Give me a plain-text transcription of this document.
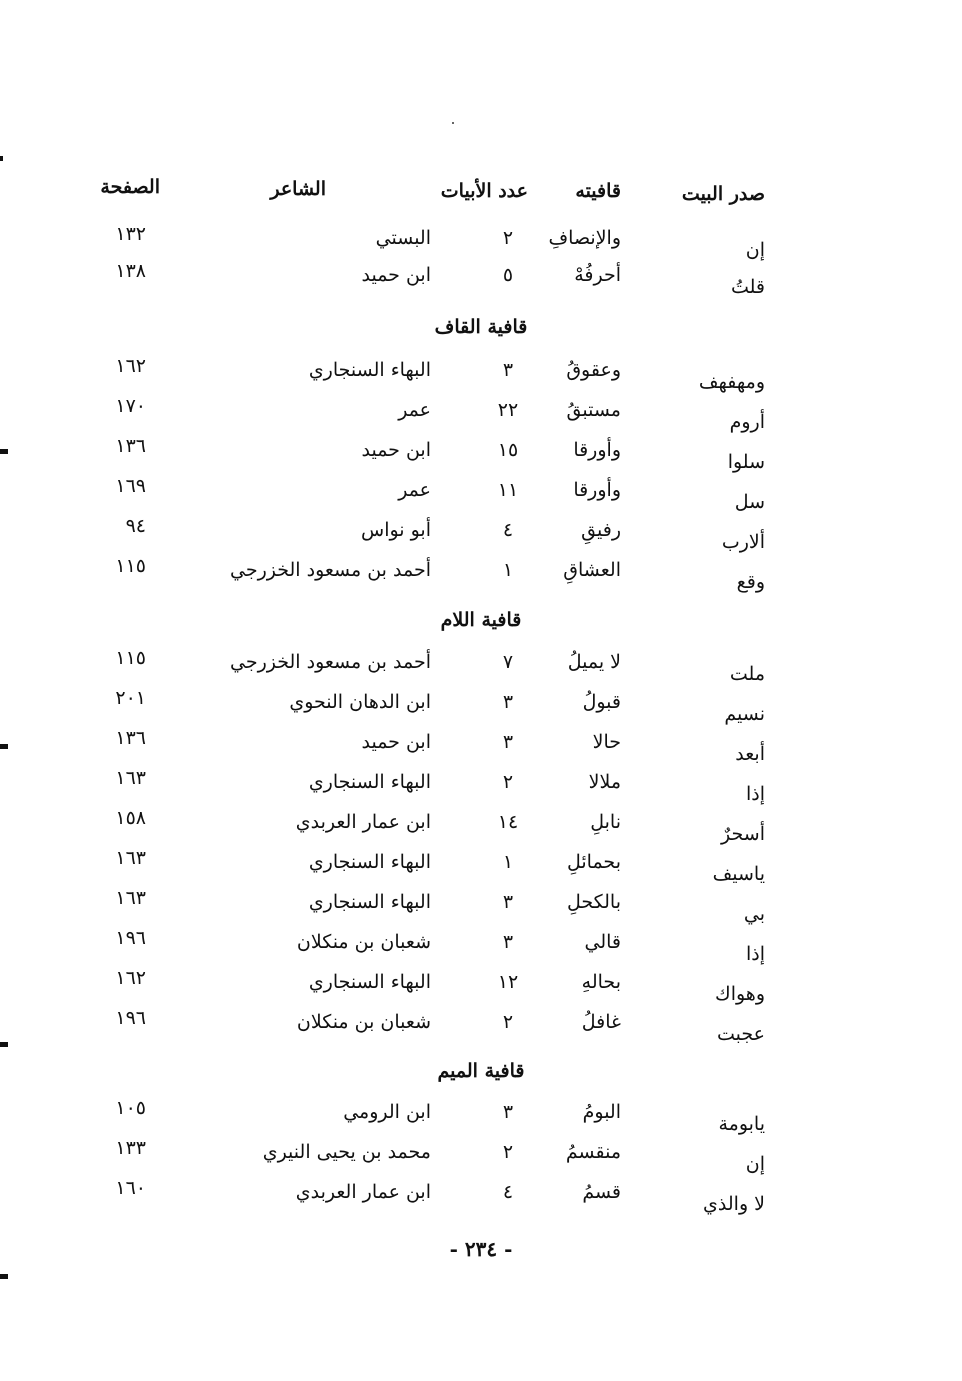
صدر البيت
قافيته
عدد الأبيات
الشاعر
الصفحة
إن
والإنصافِ
٢
البستي
١٣٢
قلتُ
أحرفُهْ
٥
ابن حميد
١٣٨
قافية القاف
ومهفهف
وعقوقُ
٣
البهاء السنجاري
١٦٢
أروم
مستبقُ
٢٢
عمر
١٧٠
سلوا
وأورقا
١٥
ابن حميد
١٣٦
سل
وأورقا
١١
عمر
١٦٩
ألارب
رفيقِ
٤
أبو نواس
٩٤
وقع
العشاقِ
١
أحمد بن مسعود الخزرجي
١١٥
قافية اللام
ملت
لا يميلُ
٧
أحمد بن مسعود الخزرجي
١١٥
نسيم
قبولُ
٣
ابن الدهان النحوي
٢٠١
أبعد
حالا
٣
ابن حميد
١٣٦
إذا
ملالا
٢
البهاء السنجاري
١٦٣
أسحرٌ
نابلِ
١٤
ابن عمار العربدي
١٥٨
ياسيف
بحمائلِ
١
البهاء السنجاري
١٦٣
بي
بالكحلِ
٣
البهاء السنجاري
١٦٣
إذا
قالي
٣
شعبان بن منكلان
١٩٦
وهواك
بحالهِ
١٢
البهاء السنجاري
١٦٢
عجبت
غافلُ
٢
شعبان بن منكلان
١٩٦
قافية الميم
يابومة
البومُ
٣
ابن الرومي
١٠٥
إن
منقسمُ
٢
محمد بن يحيى النيري
١٣٣
لا والذي
قسمُ
٤
ابن عمار العربدي
١٦٠
- ٢٣٤ -
